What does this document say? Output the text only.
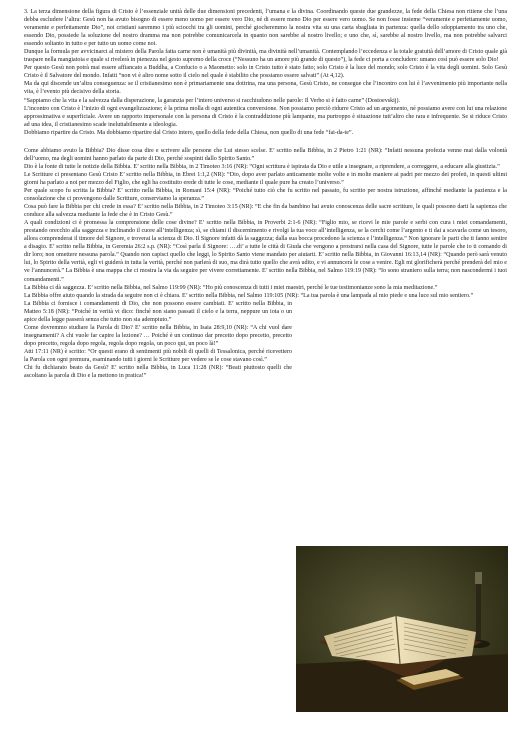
3. La terza dimensione della figura di Cristo è l’essenziale unità delle due dimensioni precedenti, l’umana e la divina. Coordinando queste due grandezze, la fede della Chiesa non ritiene che l’una debba escludere l’altra: Gesù non ha avuto bisogno di essere meno uomo per essere vero Dio, né di essere meno Dio per essere vero uomo. Se non fosse insieme “veramente e perfettamente uomo, veramente e perfettamente Dio”, noi cristiani saremmo i più sciocchi tra gli uomini, perché giocheremmo la nostra vita su una carta sbagliata in partenza: quella dello sdoppiamento tra uno che, essendo Dio, possiede la soluzione del nostro dramma ma non potrebbe comunicarcela in quanto non sarebbe al nostro livello; e uno che, sì, sarebbe al nostro livello, ma non potrebbe salvarci essendo soltanto in tutto e per tutto un uomo come noi.

Dunque la formula per avvicinarci al mistero della Parola fatta carne non è umanità più divinità, ma divinità nell’umanità. Contemplando l’eccedenza e la totale gratuità dell’amore di Cristo quale già traspare nella mangiatoia e quale si rivelerà in pienezza nel gesto supremo della croce (“Nessuno ha un amore più grande di questo”), la fede ci porta a concludere: umano così può essere solo Dio!

Per questo Gesù non potrà mai essere affiancato a Buddha, a Confucio o a Maometto: solo in Cristo tutto è stato fatto; solo Cristo è la luce del mondo; solo Cristo è la vita degli uomini. Solo Gesù Cristo è il Salvatore del mondo. Infatti “non vi è altro nome sotto il cielo nel quale è stabilito che possiamo essere salvati” (At 4,12).

Ma da qui discende un’altra conseguenza: se il cristianesimo non è primariamente una dottrina, ma una persona, Gesù Cristo, ne consegue che l’incontro con lui è l’avvenimento più importante nella vita, è l’evento più decisivo della storia.

“Sappiamo che la vita e la salvezza dalla disperazione, la garanzia per l’intero universo si racchiudono nelle parole: Il Verbo si è fatto carne” (Dostoevskij).

L’incontro con Cristo è l’inizio di ogni evangelizzazione; è la prima molla di ogni autentica conversione. Non possiamo perciò ridurre Cristo ad un argomento, né possiamo avere con lui una relazione approssimativa e superficiale. Avere un rapporto impersonale con la persona di Cristo è la contraddizione più lampante, ma purtroppo è situazione tutt’altro che rara e infrequente. Se si riduce Cristo ad una idea, il cristianesimo scade ineluttabilmente a ideologia.

Dobbiamo ripartire da Cristo. Ma dobbiamo ripartire dal Cristo intero, quello della fede della Chiesa, non quello di una fede “fai-da-te”.

Come abbiamo avuto la Bibbia? Dio disse cosa dire e scrivere alle persone che Lui stesso scelse. E’ scritto nella Bibbia, in 2 Pietro 1:21 (NR): “Infatti nessuna profezia venne mai dalla volontà dell’uomo, ma degli uomini hanno parlato da parte di Dio, perché sospinti dallo Spirito Santo.”

Dio è la fonte di tutte le notizie della Bibbia. E’ scritto nella Bibbia, in 2 Timoteo 3:16 (NR): “Ogni scrittura è ispirata da Dio e utile a insegnare, a riprendere, a correggere, a educare alla giustizia.”

Le Scritture ci presentano Gesù Cristo E’ scritto nella Bibbia, in Ebrei 1:1,2 (NR): “Dio, dopo aver parlato anticamente molte volte e in molte maniere ai padri per mezzo dei profeti, in questi ultimi giorni ha parlato a noi per mezzo del Figlio, che egli ha costituito erede di tutte le cose, mediante il quale pure ha creato l’universo.”

Per quale scopo fu scritta la Bibbia? E’ scritto nella Bibbia, in Romani 15:4 (NR): “Poiché tutto ciò che fu scritto nel passato, fu scritto per nostra istruzione, affinché mediante la pazienza e la consolazione che ci provengono dalle Scritture, conserviamo la speranza.”

Cosa può fare la Bibbia per chi crede in essa? E’ scritto nella Bibbia, in 2 Timoteo 3:15 (NR): “E che fin da bambino hai avuto conoscenza delle sacre scritture, le quali possono darti la sapienza che conduce alla salvezza mediante la fede che è in Cristo Gesù.”

A quali condizioni ci è promessa la comprensione delle cose divine? E’ scritto nella Bibbia, in Proverbi 2:1-6 (NR): “Figlio mio, se ricevi le mie parole e serbi con cura i miei comandamenti, prestando orecchio alla saggezza e inclinando il cuore all’intelligenza; sì, se chiami il discernimento e rivolgi la tua voce all’intelligenza, se la cerchi come l’argento e ti dai a scavarla come un tesoro, allora comprenderai il timore del Signore, e troverai la scienza di Dio. Il Signore infatti dà la saggezza; dalla sua bocca procedono la scienza e l’intelligenza.” Non ignorare le parti che ti fanno sentire a disagio. E’ scritto nella Bibbia, in Geremia 26:2 s.p. (NR): “Così parla il Signore: ….di’ a tutte le città di Giuda che vengono a prostrarsi nella casa del Signore, tutte le parole che io ti comando di dir loro; non omettere nessuna parola.” Quando non capisci quello che leggi, lo Spirito Santo viene mandato per aiutarti. E’ scritto nella Bibbia, in Giovanni 16:13,14 (NR): “Quando però sarà venuto lui, lo Spirito della verità, egli vi guiderà in tutta la verità, perché non parlerà di suo, ma dirà tutto quello che avrà udito, e vi annuncerà le cose a venire. Egli mi glorificherà perché prenderà del mio e ve l’annuncerà.” La Bibbia è una mappa che ci mostra la via da seguire per vivere correttamente. E’ scritto nella Bibbia, nel Salmo 119:19 (NR): “Io sono straniero sulla terra; non nascondermi i tuoi comandamenti.”

La Bibbia ci dà saggezza. E’ scritto nella Bibbia, nel Salmo 119:99 (NR): “Ho più conoscenza di tutti i miei maestri, perché le tue testimonianze sono la mia meditazione.”

La Bibbia offre aiuto quando la strada da seguire non ci è chiara. E’ scritto nella Bibbia, nel Salmo 119:105 (NR): “La tua parola è una lampada al mio piede e una luce sul mio sentiero.”

La Bibbia ci fornisce i comandamenti di Dio, che non possono essere cambiati. E’ scritto nella Bibbia, in Matteo 5:18 (NR): “Poiché in verità vi dico: finché non siano passati il cielo e la terra, neppure un iota o un apice della legge passerà senza che tutto non sia adempiuto.”

Come dovremmo studiare la Parola di Dio? E’ scritto nella Bibbia, in Isaia 28:9,10 (NR): “A chi vuol dare insegnamenti? A chi vuole far capire la lezione? … Poiché è un continuo dar precetto dopo precetto, precetto dopo precetto, regola dopo regola, regola dopo regola, un poco qui, un poco là!”

Atti 17:11 (NR) è scritto: “Or questi erano di sentimenti più nobili di quelli di Tessalonica, perché ricevettero la Parola con ogni premura, esaminando tutti i giorni le Scritture per vedere se le cose stavano così.”

Chi fu dichiarato beato da Gesù? E’ scritto nella Bibbia, in Luca 11:28 (NR): “Beati piuttosto quelli che ascoltano la parola di Dio e la mettono in pratica!”
